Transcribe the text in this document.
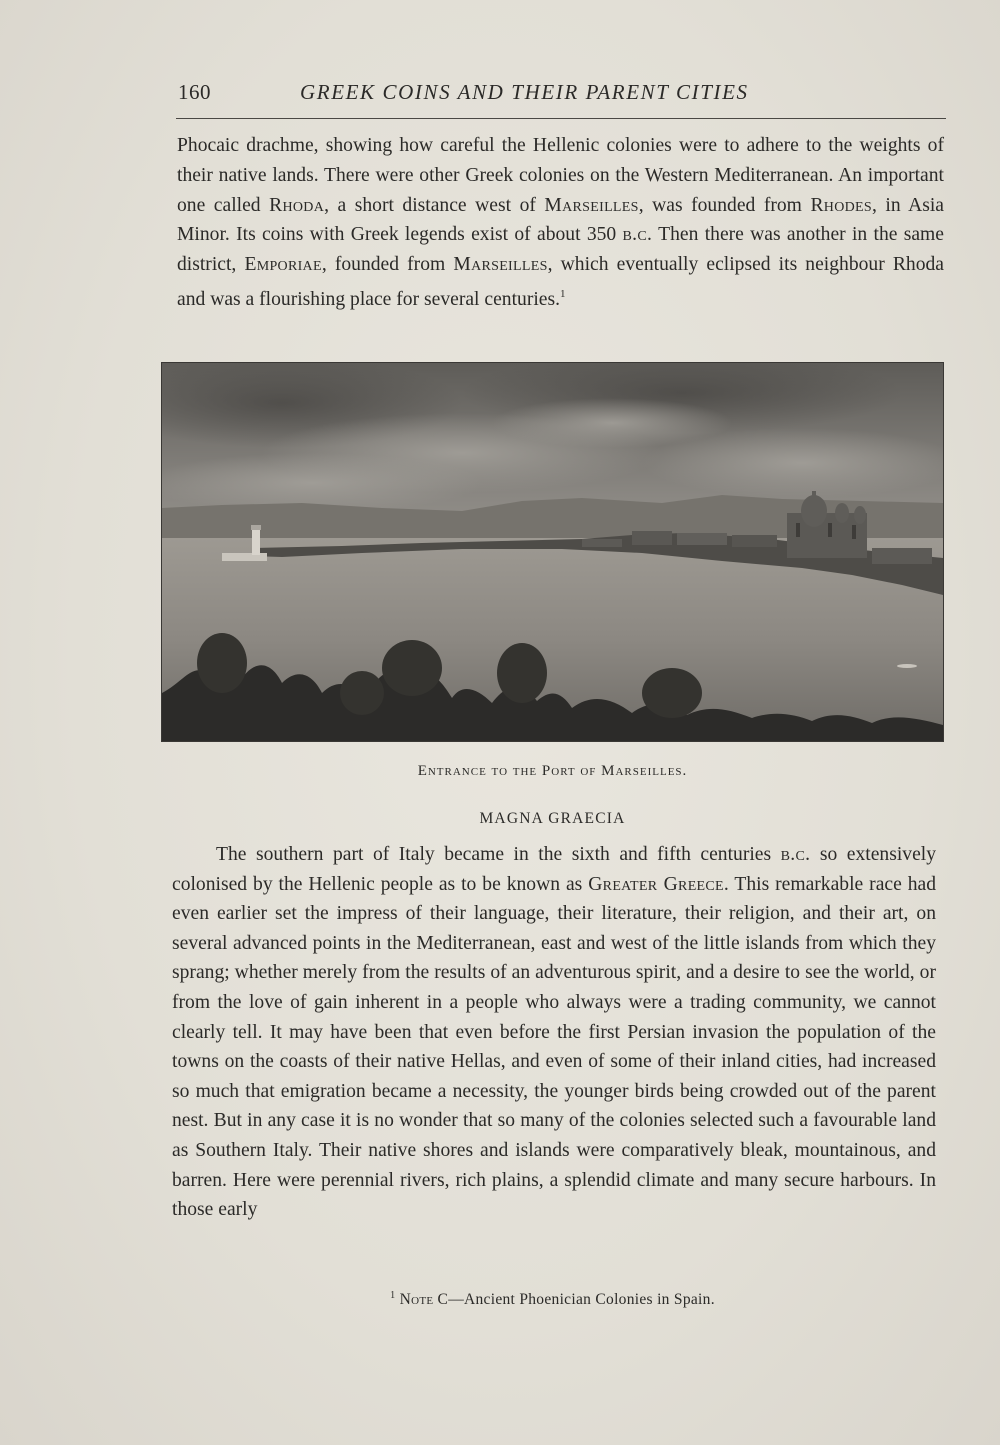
160	GREEK COINS AND THEIR PARENT CITIES

Phocaic drachme, showing how careful the Hellenic colonies were to adhere to the weights of their native lands. There were other Greek colonies on the Western Mediterranean. An important one called Rhoda, a short distance west of Marseilles, was founded from Rhodes, in Asia Minor. Its coins with Greek legends exist of about 350 b.c. Then there was another in the same district, Emporiae, founded from Marseilles, which eventually eclipsed its neighbour Rhoda and was a flourishing place for several centuries.$^1$

Entrance to the Port of Marseilles.
MAGNA GRAECIA

The southern part of Italy became in the sixth and fifth centuries b.c. so extensively colonised by the Hellenic people as to be known as Greater Greece. This remarkable race had even earlier set the impress of their language, their literature, their religion, and their art, on several advanced points in the Mediterranean, east and west of the little islands from which they sprang; whether merely from the results of an adventurous spirit, and a desire to see the world, or from the love of gain inherent in a people who always were a trading community, we cannot clearly tell. It may have been that even before the first Persian invasion the population of the towns on the coasts of their native Hellas, and even of some of their inland cities, had increased so much that emigration became a necessity, the younger birds being crowded out of the parent nest. But in any case it is no wonder that so many of the colonies selected such a favourable land as Southern Italy. Their native shores and islands were comparatively bleak, mountainous, and barren. Here were perennial rivers, rich plains, a splendid climate and many secure harbours. In those early

$^1$ Note C—Ancient Phoenician Colonies in Spain.
